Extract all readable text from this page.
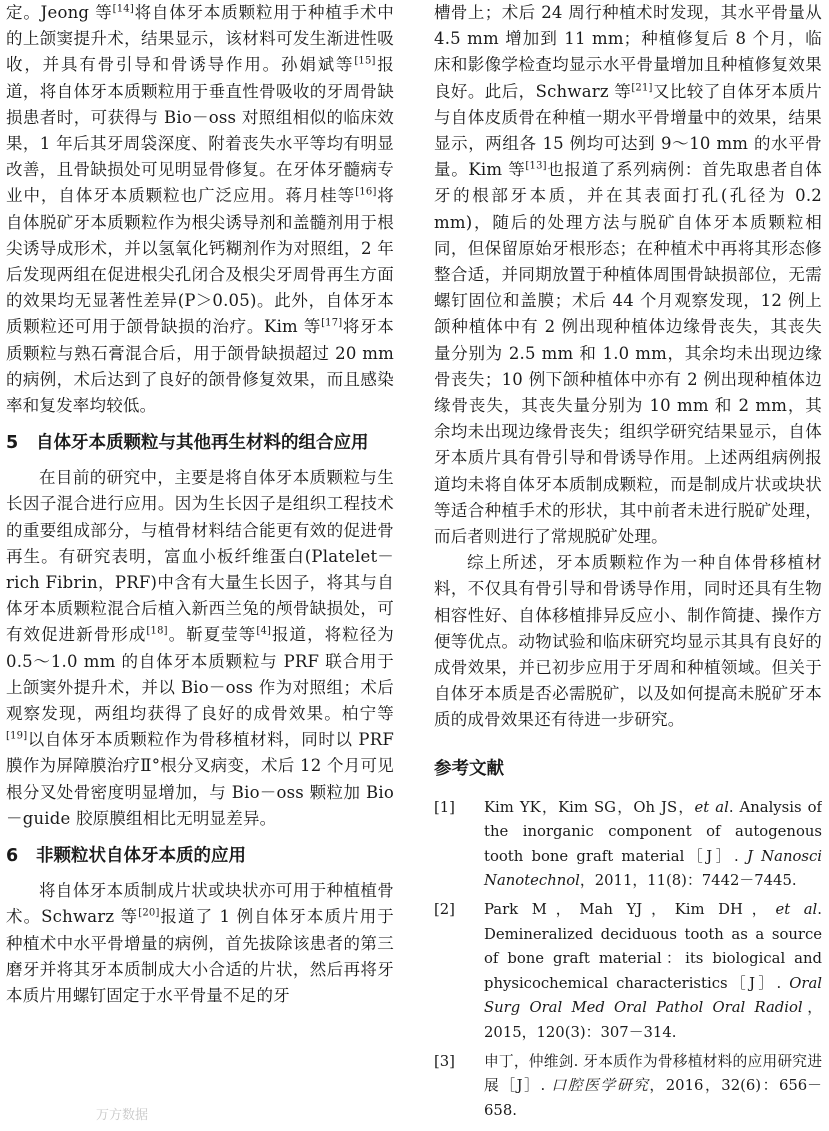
定。Jeong 等[14]将自体牙本质颗粒用于种植手术中的上颌窦提升术，结果显示，该材料可发生渐进性吸收，并具有骨引导和骨诱导作用。孙娟斌等[15]报道，将自体牙本质颗粒用于垂直性骨吸收的牙周骨缺损患者时，可获得与 Bio－oss 对照组相似的临床效果，1 年后其牙周袋深度、附着丧失水平等均有明显改善，且骨缺损处可见明显骨修复。在牙体牙髓病专业中，自体牙本质颗粒也广泛应用。蒋月桂等[16]将自体脱矿牙本质颗粒作为根尖诱导剂和盖髓剂用于根尖诱导成形术，并以氢氧化钙糊剂作为对照组，2 年后发现两组在促进根尖孔闭合及根尖牙周骨再生方面的效果均无显著性差异(P＞0.05)。此外，自体牙本质颗粒还可用于颌骨缺损的治疗。Kim 等[17]将牙本质颗粒与熟石膏混合后，用于颌骨缺损超过 20 mm 的病例，术后达到了良好的颌骨修复效果，而且感染率和复发率均较低。

5 自体牙本质颗粒与其他再生材料的组合应用

在目前的研究中，主要是将自体牙本质颗粒与生长因子混合进行应用。因为生长因子是组织工程技术的重要组成部分，与植骨材料结合能更有效的促进骨再生。有研究表明，富血小板纤维蛋白(Platelet－rich Fibrin，PRF)中含有大量生长因子，将其与自体牙本质颗粒混合后植入新西兰兔的颅骨缺损处，可有效促进新骨形成[18]。靳夏莹等[4]报道，将粒径为 0.5～1.0 mm 的自体牙本质颗粒与 PRF 联合用于上颌窦外提升术，并以 Bio－oss 作为对照组；术后观察发现，两组均获得了良好的成骨效果。柏宁等[19]以自体牙本质颗粒作为骨移植材料，同时以 PRF 膜作为屏障膜治疗Ⅱ°根分叉病变，术后 12 个月可见根分叉处骨密度明显增加，与 Bio－oss 颗粒加 Bio－guide 胶原膜组相比无明显差异。

6 非颗粒状自体牙本质的应用

将自体牙本质制成片状或块状亦可用于种植植骨术。Schwarz 等[20]报道了 1 例自体牙本质片用于种植术中水平骨增量的病例，首先拔除该患者的第三磨牙并将其牙本质制成大小合适的片状，然后再将牙本质片用螺钉固定于水平骨量不足的牙

槽骨上；术后 24 周行种植术时发现，其水平骨量从 4.5 mm 增加到 11 mm；种植修复后 8 个月，临床和影像学检查均显示水平骨量增加且种植修复效果良好。此后，Schwarz 等[21]又比较了自体牙本质片与自体皮质骨在种植一期水平骨增量中的效果，结果显示，两组各 15 例均可达到 9～10 mm 的水平骨量。Kim 等[13]也报道了系列病例：首先取患者自体牙的根部牙本质，并在其表面打孔(孔径为 0.2 mm)，随后的处理方法与脱矿自体牙本质颗粒相同，但保留原始牙根形态；在种植术中再将其形态修整合适，并同期放置于种植体周围骨缺损部位，无需螺钉固位和盖膜；术后 44 个月观察发现，12 例上颌种植体中有 2 例出现种植体边缘骨丧失，其丧失量分别为 2.5 mm 和 1.0 mm，其余均未出现边缘骨丧失；10 例下颌种植体中亦有 2 例出现种植体边缘骨丧失，其丧失量分别为 10 mm 和 2 mm，其余均未出现边缘骨丧失；组织学研究结果显示，自体牙本质片具有骨引导和骨诱导作用。上述两组病例报道均未将自体牙本质制成颗粒，而是制成片状或块状等适合种植手术的形状，其中前者未进行脱矿处理，而后者则进行了常规脱矿处理。

综上所述，牙本质颗粒作为一种自体骨移植材料，不仅具有骨引导和骨诱导作用，同时还具有生物相容性好、自体移植排异反应小、制作简捷、操作方便等优点。动物试验和临床研究均显示其具有良好的成骨效果，并已初步应用于牙周和种植领域。但关于自体牙本质是否必需脱矿，以及如何提高未脱矿牙本质的成骨效果还有待进一步研究。

参考文献
[1]	Kim YK，Kim SG，Oh JS，et al. Analysis of the inorganic component of autogenous tooth bone graft material［J］. J Nanosci Nanotechnol，2011，11(8)：7442－7445.
[2]	Park M，Mah YJ，Kim DH，et al. Demineralized deciduous tooth as a source of bone graft material：its biological and physicochemical characteristics［J］. Oral Surg Oral Med Oral Pathol Oral Radiol，2015，120(3)：307－314.
[3]	申丁，仲维剑. 牙本质作为骨移植材料的应用研究进展［J］. 口腔医学研究，2016，32(6)：656－658.
万方数据
